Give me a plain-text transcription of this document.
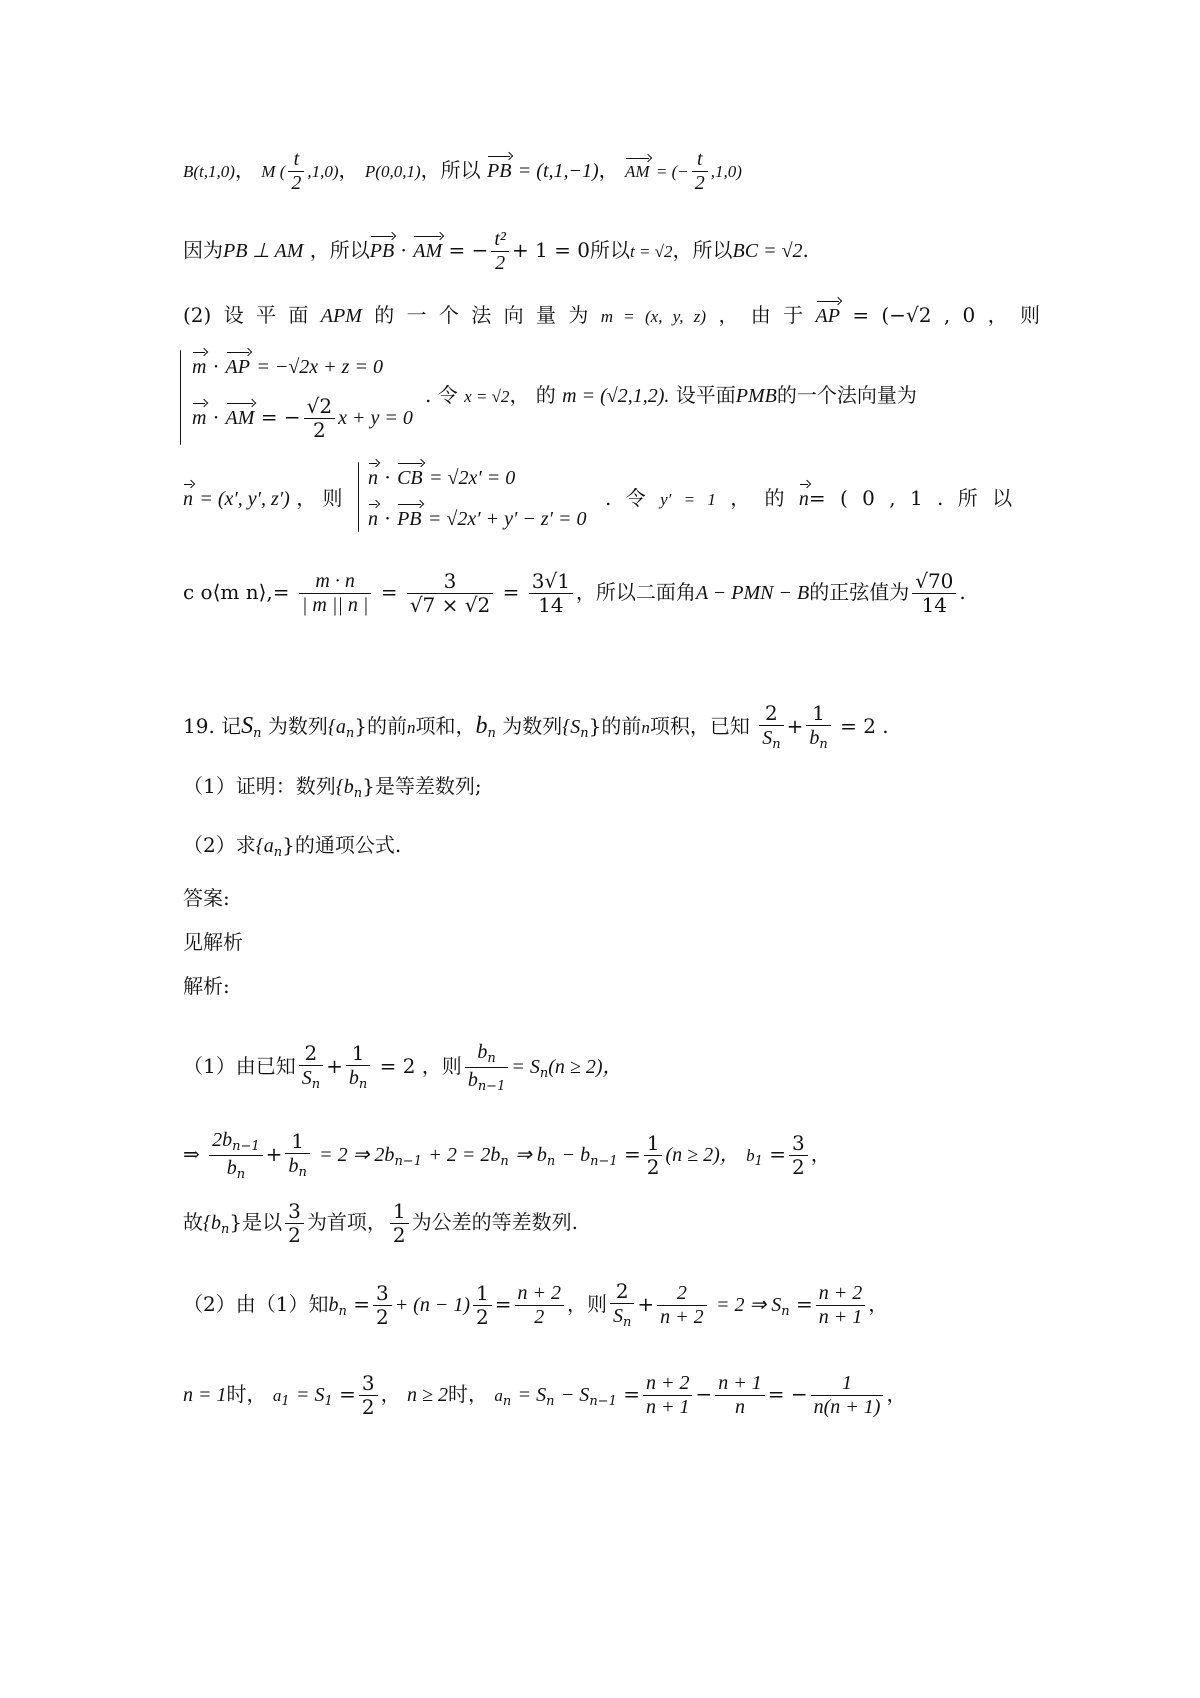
B(t,1,0)， M ( $\frac{t}{2} ,1,0$)， P(0,0,1)，所以 PB = (t,1,−1)， AM = (− $\frac{t}{2} ,1,0$)
因为PB ⊥ AM ，所以PB · AM = − $\frac{\text{t²}}{2} + 1 = 0$所以t = √2，所以BC = √2.
(2) 设 平 面 APM 的 一 个 法 向 量 为 m = (x, y, z) ， 由 于 AP = (−√2 , 0 ， 则
m · AP = −√2x + z = 0
m · AM = − $\frac{√2}{2}$ x + y = 0
. 令 x = √2， 的 m = (√2,1,2). 设平面PMB的一个法向量为
n = (x′, y′, z′) ， 则
n · CB = √2x′ = 0
n · PB = √2x′ + y′ − z′ = 0
. 令 y′ = 1 ， 的 n= ( 0 , 1 . 所 以
c o⟨m n⟩,= $\frac{m \cdot n}{| m || n |} = \frac{3}{√7 \times √2} = \frac{3√1}{14}$ ，所以二面角A − PMN − B的正弦值为 $\frac{√70}{14}$ .
19. 记$S_n$ 为数列$\{a_n\}$的前n项和，$b_n$ 为数列$\{S_n\}$的前n项积，已知 $\frac{2}{S_n} + \frac{1}{b_n} = 2$ .
（1）证明：数列$\{b_n\}$是等差数列;
（2）求$\{a_n\}$的通项公式.
答案:
见解析
解析:
（1）由已知 $\frac{2}{S_n} + \frac{1}{b_n} = 2$ ，则 $\frac{b_n}{b_{n-1}} = S_n(n \ge 2)$，
⇒ $\frac{2b_{n-1}}{b_n} + \frac{1}{b_n} = 2$ ⇒ $2b_{n-1} + 2 = 2b_n$ ⇒ $b_n - b_{n-1} = \frac{1}{2} (n \ge 2)$， $b_1 = \frac{3}{2}$ ，
故$\{b_n\}$是以 $\frac{3}{2}$ 为首项， $\frac{1}{2}$ 为公差的等差数列.
（2）由（1）知$b_n = \frac{3}{2} + (n - 1) \frac{1}{2} = \frac{n + 2}{2}$ ，则 $\frac{2}{S_n} + \frac{2}{n + 2} = 2$ ⇒ $S_n = \frac{n + 2}{n + 1}$ ，
n = 1时， $a_1 = S_1 = \frac{3}{2}$ ， n ≥ 2时， $a_n = S_n - S_{n-1} = \frac{n + 2}{n + 1} - \frac{n + 1}{n}$ = − $\frac{1}{n(n + 1)}$ ，
